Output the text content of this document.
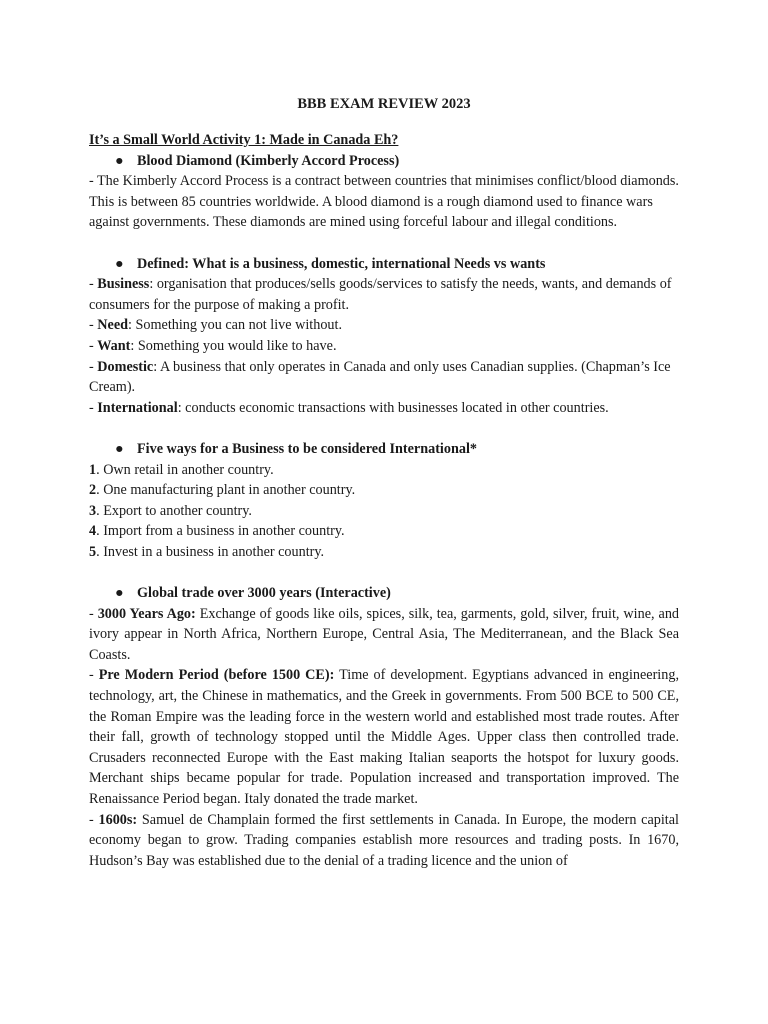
BBB EXAM REVIEW 2023

It’s a Small World Activity 1: Made in Canada Eh?

● Blood Diamond (Kimberly Accord Process)

- The Kimberly Accord Process is a contract between countries that minimises conflict/blood diamonds. This is between 85 countries worldwide. A blood diamond is a rough diamond used to finance wars against governments. These diamonds are mined using forceful labour and illegal conditions.

● Defined: What is a business, domestic, international Needs vs wants

- Business: organisation that produces/sells goods/services to satisfy the needs, wants, and demands of consumers for the purpose of making a profit.

- Need: Something you can not live without.

- Want: Something you would like to have.

- Domestic: A business that only operates in Canada and only uses Canadian supplies. (Chapman’s Ice Cream).

- International: conducts economic transactions with businesses located in other countries.

● Five ways for a Business to be considered International*

1. Own retail in another country.

2. One manufacturing plant in another country.

3. Export to another country.

4. Import from a business in another country.

5. Invest in a business in another country.

● Global trade over 3000 years (Interactive)

- 3000 Years Ago: Exchange of goods like oils, spices, silk, tea, garments, gold, silver, fruit, wine, and ivory appear in North Africa, Northern Europe, Central Asia, The Mediterranean, and the Black Sea Coasts.

- Pre Modern Period (before 1500 CE): Time of development. Egyptians advanced in engineering, technology, art, the Chinese in mathematics, and the Greek in governments. From 500 BCE to 500 CE, the Roman Empire was the leading force in the western world and established most trade routes. After their fall, growth of technology stopped until the Middle Ages. Upper class then controlled trade. Crusaders reconnected Europe with the East making Italian seaports the hotspot for luxury goods. Merchant ships became popular for trade. Population increased and transportation improved. The Renaissance Period began. Italy donated the trade market.

- 1600s: Samuel de Champlain formed the first settlements in Canada. In Europe, the modern capital economy began to grow. Trading companies establish more resources and trading posts. In 1670, Hudson’s Bay was established due to the denial of a trading licence and the union of
